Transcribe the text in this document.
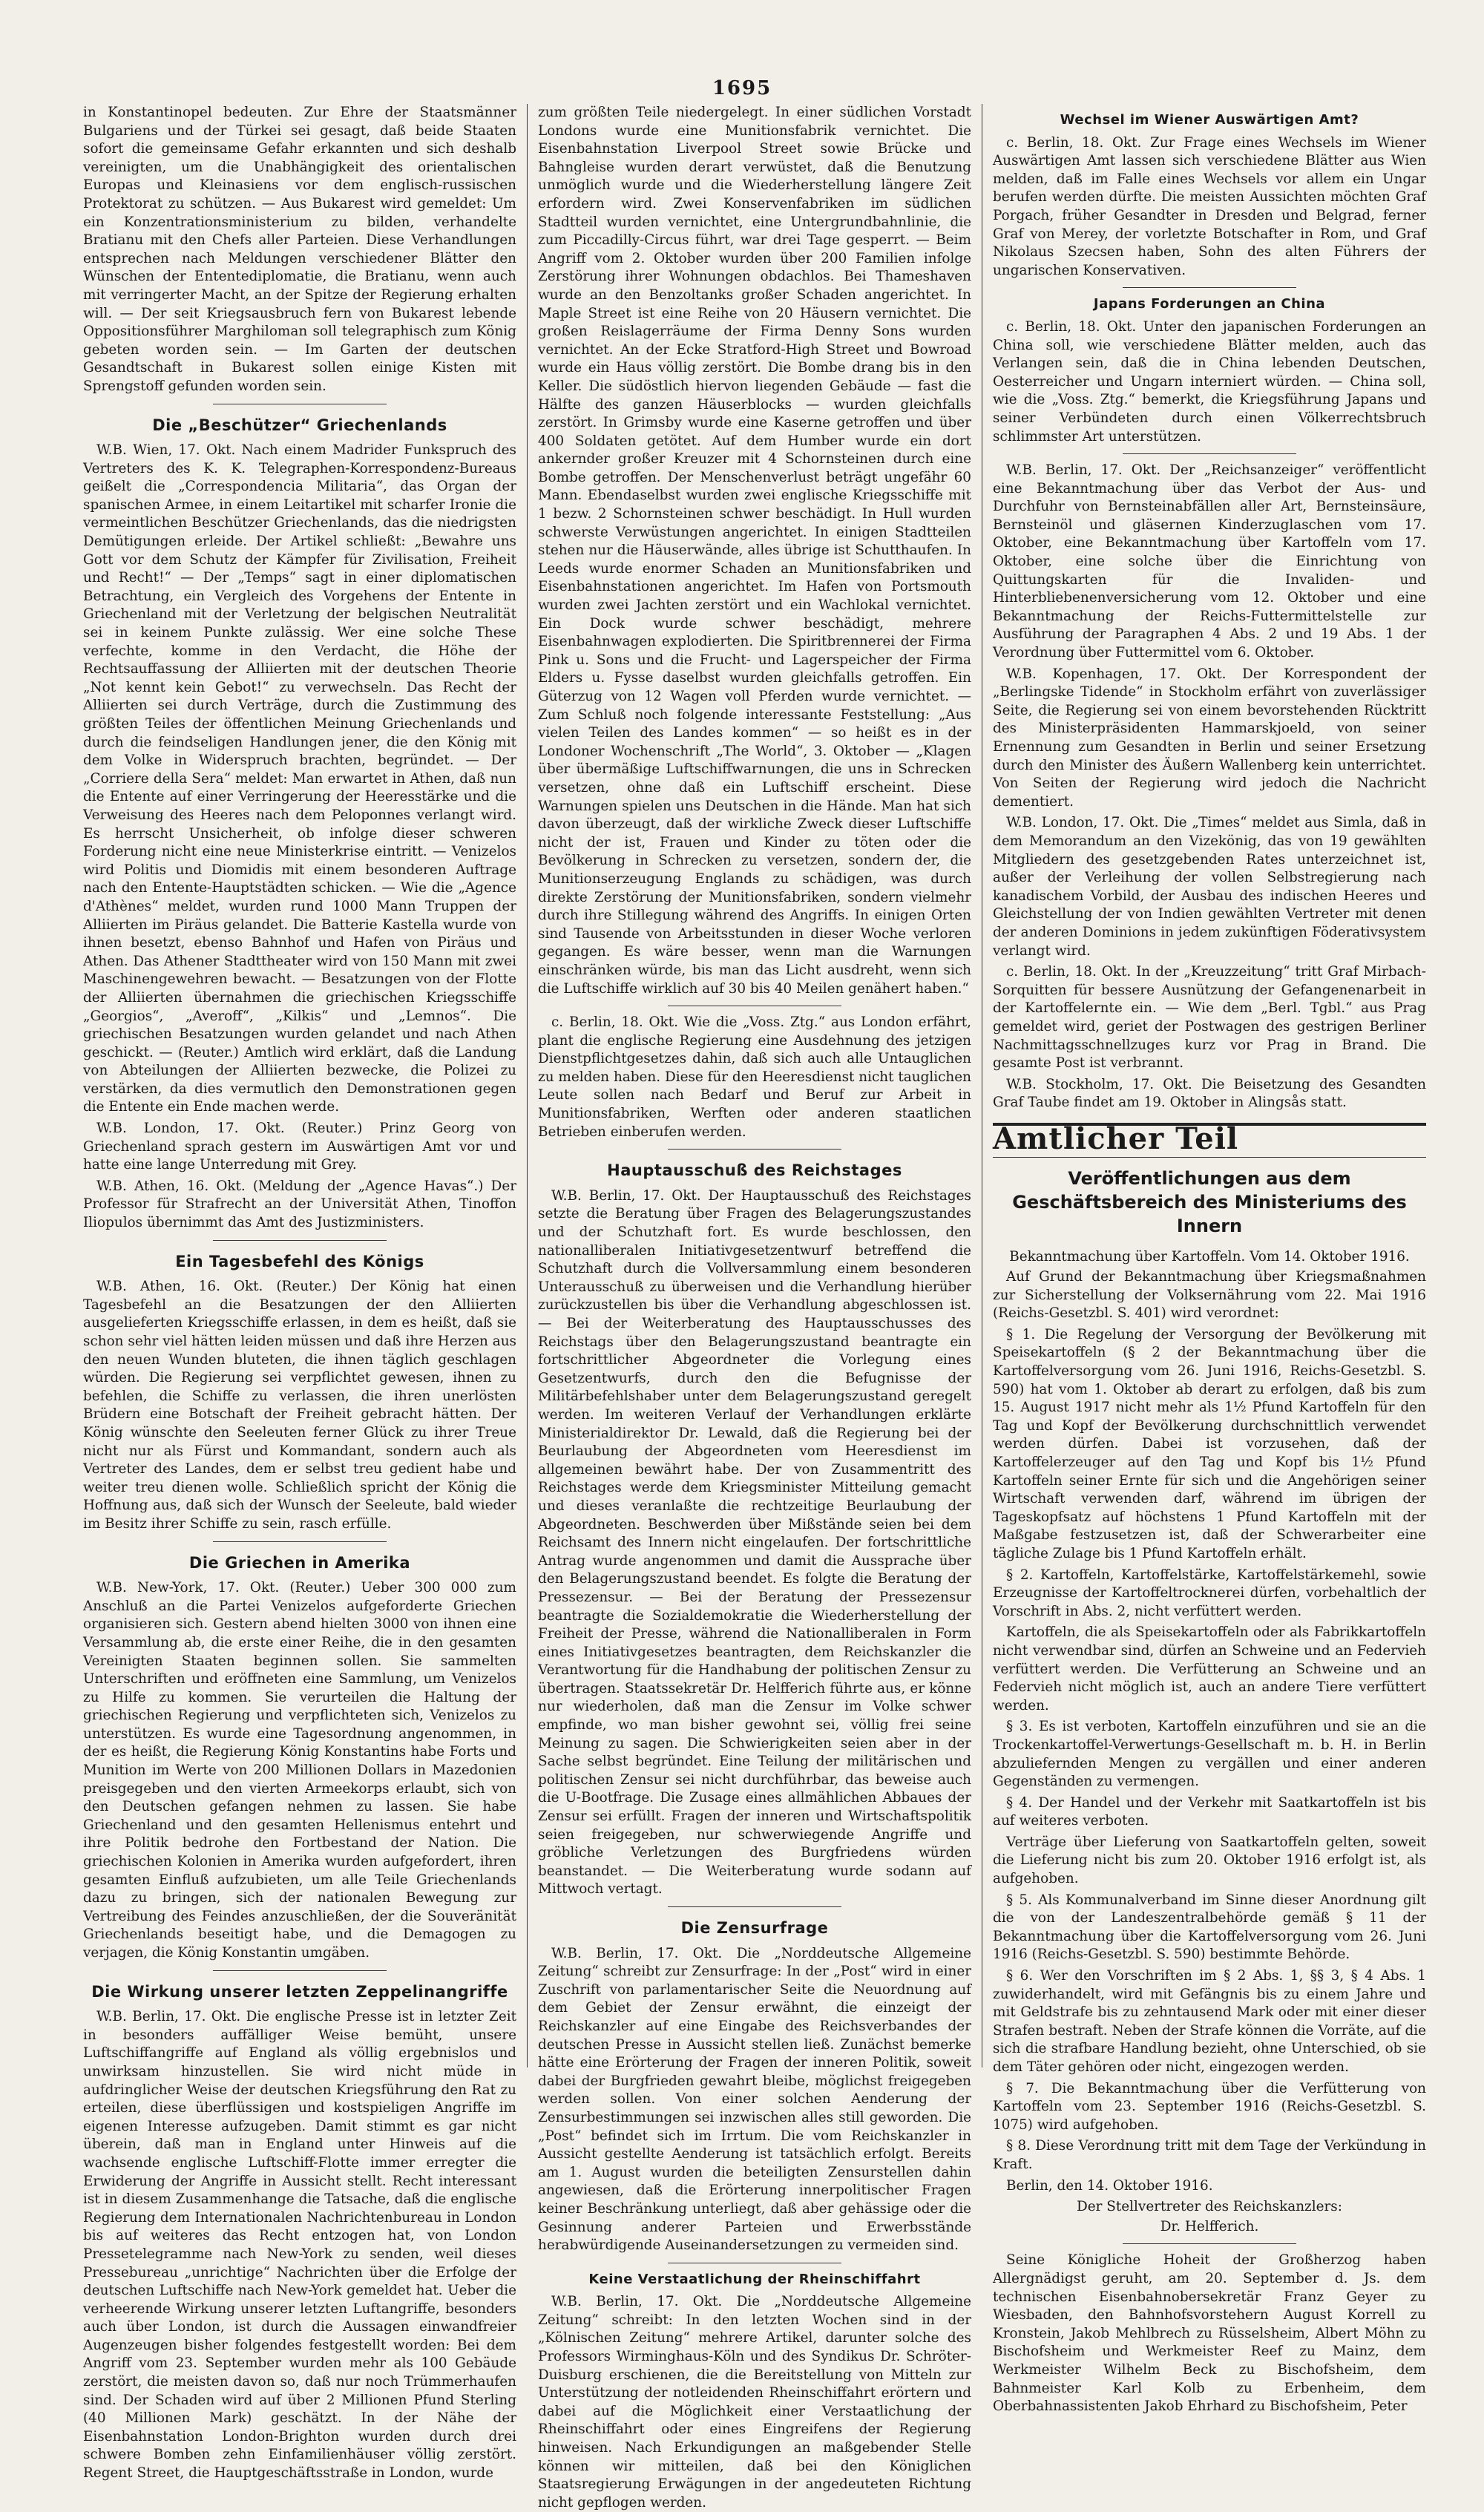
1695

in Konstantinopel bedeuten. Zur Ehre der Staatsmänner Bulgariens und der Türkei sei gesagt, daß beide Staaten sofort die gemeinsame Gefahr erkannten und sich deshalb vereinigten, um die Unabhängigkeit des orientalischen Europas und Kleinasiens vor dem englisch-russischen Protektorat zu schützen. — Aus Bukarest wird gemeldet: Um ein Konzentrationsministerium zu bilden, verhandelte Bratianu mit den Chefs aller Parteien. Diese Verhandlungen entsprechen nach Meldungen verschiedener Blätter den Wünschen der Ententediplomatie, die Bratianu, wenn auch mit verringerter Macht, an der Spitze der Regierung erhalten will. — Der seit Kriegsausbruch fern von Bukarest lebende Oppositionsführer Marghiloman soll telegraphisch zum König gebeten worden sein. — Im Garten der deutschen Gesandtschaft in Bukarest sollen einige Kisten mit Sprengstoff gefunden worden sein.

Die „Beschützer“ Griechenlands

W.B. Wien, 17. Okt. Nach einem Madrider Funkspruch des Vertreters des K. K. Telegraphen-Korrespondenz-Bureaus geißelt die „Correspondencia Militaria“, das Organ der spanischen Armee, in einem Leitartikel mit scharfer Ironie die vermeintlichen Beschützer Griechenlands, das die niedrigsten Demütigungen erleide. Der Artikel schließt: „Bewahre uns Gott vor dem Schutz der Kämpfer für Zivilisation, Freiheit und Recht!“ — Der „Temps“ sagt in einer diplomatischen Betrachtung, ein Vergleich des Vorgehens der Entente in Griechenland mit der Verletzung der belgischen Neutralität sei in keinem Punkte zulässig. Wer eine solche These verfechte, komme in den Verdacht, die Höhe der Rechtsauffassung der Alliierten mit der deutschen Theorie „Not kennt kein Gebot!“ zu verwechseln. Das Recht der Alliierten sei durch Verträge, durch die Zustimmung des größten Teiles der öffentlichen Meinung Griechenlands und durch die feindseligen Handlungen jener, die den König mit dem Volke in Widerspruch brachten, begründet. — Der „Corriere della Sera“ meldet: Man erwartet in Athen, daß nun die Entente auf einer Verringerung der Heeresstärke und die Verweisung des Heeres nach dem Peloponnes verlangt wird. Es herrscht Unsicherheit, ob infolge dieser schweren Forderung nicht eine neue Ministerkrise eintritt. — Venizelos wird Politis und Diomidis mit einem besonderen Auftrage nach den Entente-Hauptstädten schicken. — Wie die „Agence d'Athènes“ meldet, wurden rund 1000 Mann Truppen der Alliierten im Piräus gelandet. Die Batterie Kastella wurde von ihnen besetzt, ebenso Bahnhof und Hafen von Piräus und Athen. Das Athener Stadttheater wird von 150 Mann mit zwei Maschinengewehren bewacht. — Besatzungen von der Flotte der Alliierten übernahmen die griechischen Kriegsschiffe „Georgios“, „Averoff“, „Kilkis“ und „Lemnos“. Die griechischen Besatzungen wurden gelandet und nach Athen geschickt. — (Reuter.) Amtlich wird erklärt, daß die Landung von Abteilungen der Alliierten bezwecke, die Polizei zu verstärken, da dies vermutlich den Demonstrationen gegen die Entente ein Ende machen werde.

W.B. London, 17. Okt. (Reuter.) Prinz Georg von Griechenland sprach gestern im Auswärtigen Amt vor und hatte eine lange Unterredung mit Grey.

W.B. Athen, 16. Okt. (Meldung der „Agence Havas“.) Der Professor für Strafrecht an der Universität Athen, Tinoffon Iliopulos übernimmt das Amt des Justizministers.

Ein Tagesbefehl des Königs

W.B. Athen, 16. Okt. (Reuter.) Der König hat einen Tagesbefehl an die Besatzungen der den Alliierten ausgelieferten Kriegsschiffe erlassen, in dem es heißt, daß sie schon sehr viel hätten leiden müssen und daß ihre Herzen aus den neuen Wunden bluteten, die ihnen täglich geschlagen würden. Die Regierung sei verpflichtet gewesen, ihnen zu befehlen, die Schiffe zu verlassen, die ihren unerlösten Brüdern eine Botschaft der Freiheit gebracht hätten. Der König wünschte den Seeleuten ferner Glück zu ihrer Treue nicht nur als Fürst und Kommandant, sondern auch als Vertreter des Landes, dem er selbst treu gedient habe und weiter treu dienen wolle. Schließlich spricht der König die Hoffnung aus, daß sich der Wunsch der Seeleute, bald wieder im Besitz ihrer Schiffe zu sein, rasch erfülle.

Die Griechen in Amerika

W.B. New-York, 17. Okt. (Reuter.) Ueber 300 000 zum Anschluß an die Partei Venizelos aufgeforderte Griechen organisieren sich. Gestern abend hielten 3000 von ihnen eine Versammlung ab, die erste einer Reihe, die in den gesamten Vereinigten Staaten beginnen sollen. Sie sammelten Unterschriften und eröffneten eine Sammlung, um Venizelos zu Hilfe zu kommen. Sie verurteilen die Haltung der griechischen Regierung und verpflichteten sich, Venizelos zu unterstützen. Es wurde eine Tagesordnung angenommen, in der es heißt, die Regierung König Konstantins habe Forts und Munition im Werte von 200 Millionen Dollars in Mazedonien preisgegeben und den vierten Armeekorps erlaubt, sich von den Deutschen gefangen nehmen zu lassen. Sie habe Griechenland und den gesamten Hellenismus entehrt und ihre Politik bedrohe den Fortbestand der Nation. Die griechischen Kolonien in Amerika wurden aufgefordert, ihren gesamten Einfluß aufzubieten, um alle Teile Griechenlands dazu zu bringen, sich der nationalen Bewegung zur Vertreibung des Feindes anzuschließen, der die Souveränität Griechenlands beseitigt habe, und die Demagogen zu verjagen, die König Konstantin umgäben.

Die Wirkung unserer letzten Zeppelinangriffe

W.B. Berlin, 17. Okt. Die englische Presse ist in letzter Zeit in besonders auffälliger Weise bemüht, unsere Luftschiffangriffe auf England als völlig ergebnislos und unwirksam hinzustellen. Sie wird nicht müde in aufdringlicher Weise der deutschen Kriegsführung den Rat zu erteilen, diese überflüssigen und kostspieligen Angriffe im eigenen Interesse aufzugeben. Damit stimmt es gar nicht überein, daß man in England unter Hinweis auf die wachsende englische Luftschiff-Flotte immer erregter die Erwiderung der Angriffe in Aussicht stellt. Recht interessant ist in diesem Zusammenhange die Tatsache, daß die englische Regierung dem Internationalen Nachrichtenbureau in London bis auf weiteres das Recht entzogen hat, von London Pressetelegramme nach New-York zu senden, weil dieses Pressebureau „unrichtige“ Nachrichten über die Erfolge der deutschen Luftschiffe nach New-York gemeldet hat. Ueber die verheerende Wirkung unserer letzten Luftangriffe, besonders auch über London, ist durch die Aussagen einwandfreier Augenzeugen bisher folgendes festgestellt worden: Bei dem Angriff vom 23. September wurden mehr als 100 Gebäude zerstört, die meisten davon so, daß nur noch Trümmerhaufen sind. Der Schaden wird auf über 2 Millionen Pfund Sterling (40 Millionen Mark) geschätzt. In der Nähe der Eisenbahnstation London-Brighton wurden durch drei schwere Bomben zehn Einfamilienhäuser völlig zerstört. Regent Street, die Hauptgeschäftsstraße in London, wurde

zum größten Teile niedergelegt. In einer südlichen Vorstadt Londons wurde eine Munitionsfabrik vernichtet. Die Eisenbahnstation Liverpool Street sowie Brücke und Bahngleise wurden derart verwüstet, daß die Benutzung unmöglich wurde und die Wiederherstellung längere Zeit erfordern wird. Zwei Konservenfabriken im südlichen Stadtteil wurden vernichtet, eine Untergrundbahnlinie, die zum Piccadilly-Circus führt, war drei Tage gesperrt. — Beim Angriff vom 2. Oktober wurden über 200 Familien infolge Zerstörung ihrer Wohnungen obdachlos. Bei Thameshaven wurde an den Benzoltanks großer Schaden angerichtet. In Maple Street ist eine Reihe von 20 Häusern vernichtet. Die großen Reislagerräume der Firma Denny Sons wurden vernichtet. An der Ecke Stratford-High Street und Bowroad wurde ein Haus völlig zerstört. Die Bombe drang bis in den Keller. Die südöstlich hiervon liegenden Gebäude — fast die Hälfte des ganzen Häuserblocks — wurden gleichfalls zerstört. In Grimsby wurde eine Kaserne getroffen und über 400 Soldaten getötet. Auf dem Humber wurde ein dort ankernder großer Kreuzer mit 4 Schornsteinen durch eine Bombe getroffen. Der Menschenverlust beträgt ungefähr 60 Mann. Ebendaselbst wurden zwei englische Kriegsschiffe mit 1 bezw. 2 Schornsteinen schwer beschädigt. In Hull wurden schwerste Verwüstungen angerichtet. In einigen Stadtteilen stehen nur die Häuserwände, alles übrige ist Schutthaufen. In Leeds wurde enormer Schaden an Munitionsfabriken und Eisenbahnstationen angerichtet. Im Hafen von Portsmouth wurden zwei Jachten zerstört und ein Wachlokal vernichtet. Ein Dock wurde schwer beschädigt, mehrere Eisenbahnwagen explodierten. Die Spiritbrennerei der Firma Pink u. Sons und die Frucht- und Lagerspeicher der Firma Elders u. Fysse daselbst wurden gleichfalls getroffen. Ein Güterzug von 12 Wagen voll Pferden wurde vernichtet. — Zum Schluß noch folgende interessante Feststellung: „Aus vielen Teilen des Landes kommen“ — so heißt es in der Londoner Wochenschrift „The World“, 3. Oktober — „Klagen über übermäßige Luftschiffwarnungen, die uns in Schrecken versetzen, ohne daß ein Luftschiff erscheint. Diese Warnungen spielen uns Deutschen in die Hände. Man hat sich davon überzeugt, daß der wirkliche Zweck dieser Luftschiffe nicht der ist, Frauen und Kinder zu töten oder die Bevölkerung in Schrecken zu versetzen, sondern der, die Munitionserzeugung Englands zu schädigen, was durch direkte Zerstörung der Munitionsfabriken, sondern vielmehr durch ihre Stillegung während des Angriffs. In einigen Orten sind Tausende von Arbeitsstunden in dieser Woche verloren gegangen. Es wäre besser, wenn man die Warnungen einschränken würde, bis man das Licht ausdreht, wenn sich die Luftschiffe wirklich auf 30 bis 40 Meilen genähert haben.“

c. Berlin, 18. Okt. Wie die „Voss. Ztg.“ aus London erfährt, plant die englische Regierung eine Ausdehnung des jetzigen Dienstpflichtgesetzes dahin, daß sich auch alle Untauglichen zu melden haben. Diese für den Heeresdienst nicht tauglichen Leute sollen nach Bedarf und Beruf zur Arbeit in Munitionsfabriken, Werften oder anderen staatlichen Betrieben einberufen werden.

Hauptausschuß des Reichstages

W.B. Berlin, 17. Okt. Der Hauptausschuß des Reichstages setzte die Beratung über Fragen des Belagerungszustandes und der Schutzhaft fort. Es wurde beschlossen, den nationalliberalen Initiativgesetzentwurf betreffend die Schutzhaft durch die Vollversammlung einem besonderen Unterausschuß zu überweisen und die Verhandlung hierüber zurückzustellen bis über die Verhandlung abgeschlossen ist. — Bei der Weiterberatung des Hauptausschusses des Reichstags über den Belagerungszustand beantragte ein fortschrittlicher Abgeordneter die Vorlegung eines Gesetzentwurfs, durch den die Befugnisse der Militärbefehlshaber unter dem Belagerungszustand geregelt werden. Im weiteren Verlauf der Verhandlungen erklärte Ministerialdirektor Dr. Lewald, daß die Regierung bei der Beurlaubung der Abgeordneten vom Heeresdienst im allgemeinen bewährt habe. Der von Zusammentritt des Reichstages werde dem Kriegsminister Mitteilung gemacht und dieses veranlaßte die rechtzeitige Beurlaubung der Abgeordneten. Beschwerden über Mißstände seien bei dem Reichsamt des Innern nicht eingelaufen. Der fortschrittliche Antrag wurde angenommen und damit die Aussprache über den Belagerungszustand beendet. Es folgte die Beratung der Pressezensur. — Bei der Beratung der Pressezensur beantragte die Sozialdemokratie die Wiederherstellung der Freiheit der Presse, während die Nationalliberalen in Form eines Initiativgesetzes beantragten, dem Reichskanzler die Verantwortung für die Handhabung der politischen Zensur zu übertragen. Staatssekretär Dr. Helfferich führte aus, er könne nur wiederholen, daß man die Zensur im Volke schwer empfinde, wo man bisher gewohnt sei, völlig frei seine Meinung zu sagen. Die Schwierigkeiten seien aber in der Sache selbst begründet. Eine Teilung der militärischen und politischen Zensur sei nicht durchführbar, das beweise auch die U-Bootfrage. Die Zusage eines allmählichen Abbaues der Zensur sei erfüllt. Fragen der inneren und Wirtschaftspolitik seien freigegeben, nur schwerwiegende Angriffe und gröbliche Verletzungen des Burgfriedens würden beanstandet. — Die Weiterberatung wurde sodann auf Mittwoch vertagt.

Die Zensurfrage

W.B. Berlin, 17. Okt. Die „Norddeutsche Allgemeine Zeitung“ schreibt zur Zensurfrage: In der „Post“ wird in einer Zuschrift von parlamentarischer Seite die Neuordnung auf dem Gebiet der Zensur erwähnt, die einzeigt der Reichskanzler auf eine Eingabe des Reichsverbandes der deutschen Presse in Aussicht stellen ließ. Zunächst bemerke hätte eine Erörterung der Fragen der inneren Politik, soweit dabei der Burgfrieden gewahrt bleibe, möglichst freigegeben werden sollen. Von einer solchen Aenderung der Zensurbestimmungen sei inzwischen alles still geworden. Die „Post“ befindet sich im Irrtum. Die vom Reichskanzler in Aussicht gestellte Aenderung ist tatsächlich erfolgt. Bereits am 1. August wurden die beteiligten Zensurstellen dahin angewiesen, daß die Erörterung innerpolitischer Fragen keiner Beschränkung unterliegt, daß aber gehässige oder die Gesinnung anderer Parteien und Erwerbsstände herabwürdigende Auseinandersetzungen zu vermeiden sind.

Keine Verstaatlichung der Rheinschiffahrt

W.B. Berlin, 17. Okt. Die „Norddeutsche Allgemeine Zeitung“ schreibt: In den letzten Wochen sind in der „Kölnischen Zeitung“ mehrere Artikel, darunter solche des Professors Wirminghaus-Köln und des Syndikus Dr. Schröter-Duisburg erschienen, die die Bereitstellung von Mitteln zur Unterstützung der notleidenden Rheinschiffahrt erörtern und dabei auf die Möglichkeit einer Verstaatlichung der Rheinschiffahrt oder eines Eingreifens der Regierung hinweisen. Nach Erkundigungen an maßgebender Stelle können wir mitteilen, daß bei den Königlichen Staatsregierung Erwägungen in der angedeuteten Richtung nicht gepflogen werden.

Wechsel im Wiener Auswärtigen Amt?

c. Berlin, 18. Okt. Zur Frage eines Wechsels im Wiener Auswärtigen Amt lassen sich verschiedene Blätter aus Wien melden, daß im Falle eines Wechsels vor allem ein Ungar berufen werden dürfte. Die meisten Aussichten möchten Graf Porgach, früher Gesandter in Dresden und Belgrad, ferner Graf von Merey, der vorletzte Botschafter in Rom, und Graf Nikolaus Szecsen haben, Sohn des alten Führers der ungarischen Konservativen.

Japans Forderungen an China

c. Berlin, 18. Okt. Unter den japanischen Forderungen an China soll, wie verschiedene Blätter melden, auch das Verlangen sein, daß die in China lebenden Deutschen, Oesterreicher und Ungarn interniert würden. — China soll, wie die „Voss. Ztg.“ bemerkt, die Kriegsführung Japans und seiner Verbündeten durch einen Völkerrechtsbruch schlimmster Art unterstützen.

W.B. Berlin, 17. Okt. Der „Reichsanzeiger“ veröffentlicht eine Bekanntmachung über das Verbot der Aus- und Durchfuhr von Bernsteinabfällen aller Art, Bernsteinsäure, Bernsteinöl und gläsernen Kinderzuglaschen vom 17. Oktober, eine Bekanntmachung über Kartoffeln vom 17. Oktober, eine solche über die Einrichtung von Quittungskarten für die Invaliden- und Hinterbliebenenversicherung vom 12. Oktober und eine Bekanntmachung der Reichs-Futtermittelstelle zur Ausführung der Paragraphen 4 Abs. 2 und 19 Abs. 1 der Verordnung über Futtermittel vom 6. Oktober.

W.B. Kopenhagen, 17. Okt. Der Korrespondent der „Berlingske Tidende“ in Stockholm erfährt von zuverlässiger Seite, die Regierung sei von einem bevorstehenden Rücktritt des Ministerpräsidenten Hammarskjoeld, von seiner Ernennung zum Gesandten in Berlin und seiner Ersetzung durch den Minister des Äußern Wallenberg kein unterrichtet. Von Seiten der Regierung wird jedoch die Nachricht dementiert.

W.B. London, 17. Okt. Die „Times“ meldet aus Simla, daß in dem Memorandum an den Vizekönig, das von 19 gewählten Mitgliedern des gesetzgebenden Rates unterzeichnet ist, außer der Verleihung der vollen Selbstregierung nach kanadischem Vorbild, der Ausbau des indischen Heeres und Gleichstellung der von Indien gewählten Vertreter mit denen der anderen Dominions in jedem zukünftigen Föderativsystem verlangt wird.

c. Berlin, 18. Okt. In der „Kreuzzeitung“ tritt Graf Mirbach-Sorquitten für bessere Ausnützung der Gefangenenarbeit in der Kartoffelernte ein. — Wie dem „Berl. Tgbl.“ aus Prag gemeldet wird, geriet der Postwagen des gestrigen Berliner Nachmittagsschnellzuges kurz vor Prag in Brand. Die gesamte Post ist verbrannt.

W.B. Stockholm, 17. Okt. Die Beisetzung des Gesandten Graf Taube findet am 19. Oktober in Alingsås statt.

Amtlicher Teil
Veröffentlichungen aus dem Geschäftsbereich des Ministeriums des Innern

Bekanntmachung über Kartoffeln. Vom 14. Oktober 1916.

Auf Grund der Bekanntmachung über Kriegsmaßnahmen zur Sicherstellung der Volksernährung vom 22. Mai 1916 (Reichs-Gesetzbl. S. 401) wird verordnet:

§ 1. Die Regelung der Versorgung der Bevölkerung mit Speisekartoffeln (§ 2 der Bekanntmachung über die Kartoffelversorgung vom 26. Juni 1916, Reichs-Gesetzbl. S. 590) hat vom 1. Oktober ab derart zu erfolgen, daß bis zum 15. August 1917 nicht mehr als 1½ Pfund Kartoffeln für den Tag und Kopf der Bevölkerung durchschnittlich verwendet werden dürfen. Dabei ist vorzusehen, daß der Kartoffelerzeuger auf den Tag und Kopf bis 1½ Pfund Kartoffeln seiner Ernte für sich und die Angehörigen seiner Wirtschaft verwenden darf, während im übrigen der Tageskopfsatz auf höchstens 1 Pfund Kartoffeln mit der Maßgabe festzusetzen ist, daß der Schwerarbeiter eine tägliche Zulage bis 1 Pfund Kartoffeln erhält.

§ 2. Kartoffeln, Kartoffelstärke, Kartoffelstärkemehl, sowie Erzeugnisse der Kartoffeltrocknerei dürfen, vorbehaltlich der Vorschrift in Abs. 2, nicht verfüttert werden.

Kartoffeln, die als Speisekartoffeln oder als Fabrikkartoffeln nicht verwendbar sind, dürfen an Schweine und an Federvieh verfüttert werden. Die Verfütterung an Schweine und an Federvieh nicht möglich ist, auch an andere Tiere verfüttert werden.

§ 3. Es ist verboten, Kartoffeln einzuführen und sie an die Trockenkartoffel-Verwertungs-Gesellschaft m. b. H. in Berlin abzuliefernden Mengen zu vergällen und einer anderen Gegenständen zu vermengen.

§ 4. Der Handel und der Verkehr mit Saatkartoffeln ist bis auf weiteres verboten.

Verträge über Lieferung von Saatkartoffeln gelten, soweit die Lieferung nicht bis zum 20. Oktober 1916 erfolgt ist, als aufgehoben.

§ 5. Als Kommunalverband im Sinne dieser Anordnung gilt die von der Landeszentralbehörde gemäß § 11 der Bekanntmachung über die Kartoffelversorgung vom 26. Juni 1916 (Reichs-Gesetzbl. S. 590) bestimmte Behörde.

§ 6. Wer den Vorschriften im § 2 Abs. 1, §§ 3, § 4 Abs. 1 zuwiderhandelt, wird mit Gefängnis bis zu einem Jahre und mit Geldstrafe bis zu zehntausend Mark oder mit einer dieser Strafen bestraft. Neben der Strafe können die Vorräte, auf die sich die strafbare Handlung bezieht, ohne Unterschied, ob sie dem Täter gehören oder nicht, eingezogen werden.

§ 7. Die Bekanntmachung über die Verfütterung von Kartoffeln vom 23. September 1916 (Reichs-Gesetzbl. S. 1075) wird aufgehoben.

§ 8. Diese Verordnung tritt mit dem Tage der Verkündung in Kraft.

Berlin, den 14. Oktober 1916.

Der Stellvertreter des Reichskanzlers:

Dr. Helfferich.

Seine Königliche Hoheit der Großherzog haben Allergnädigst geruht, am 20. September d. Js. dem technischen Eisenbahnobersekretär Franz Geyer zu Wiesbaden, den Bahnhofsvorstehern August Korrell zu Kronstein, Jakob Mehlbrech zu Rüsselsheim, Albert Möhn zu Bischofsheim und Werkmeister Reef zu Mainz, dem Werkmeister Wilhelm Beck zu Bischofsheim, dem Bahnmeister Karl Kolb zu Erbenheim, dem Oberbahnassistenten Jakob Ehrhard zu Bischofsheim, Peter
